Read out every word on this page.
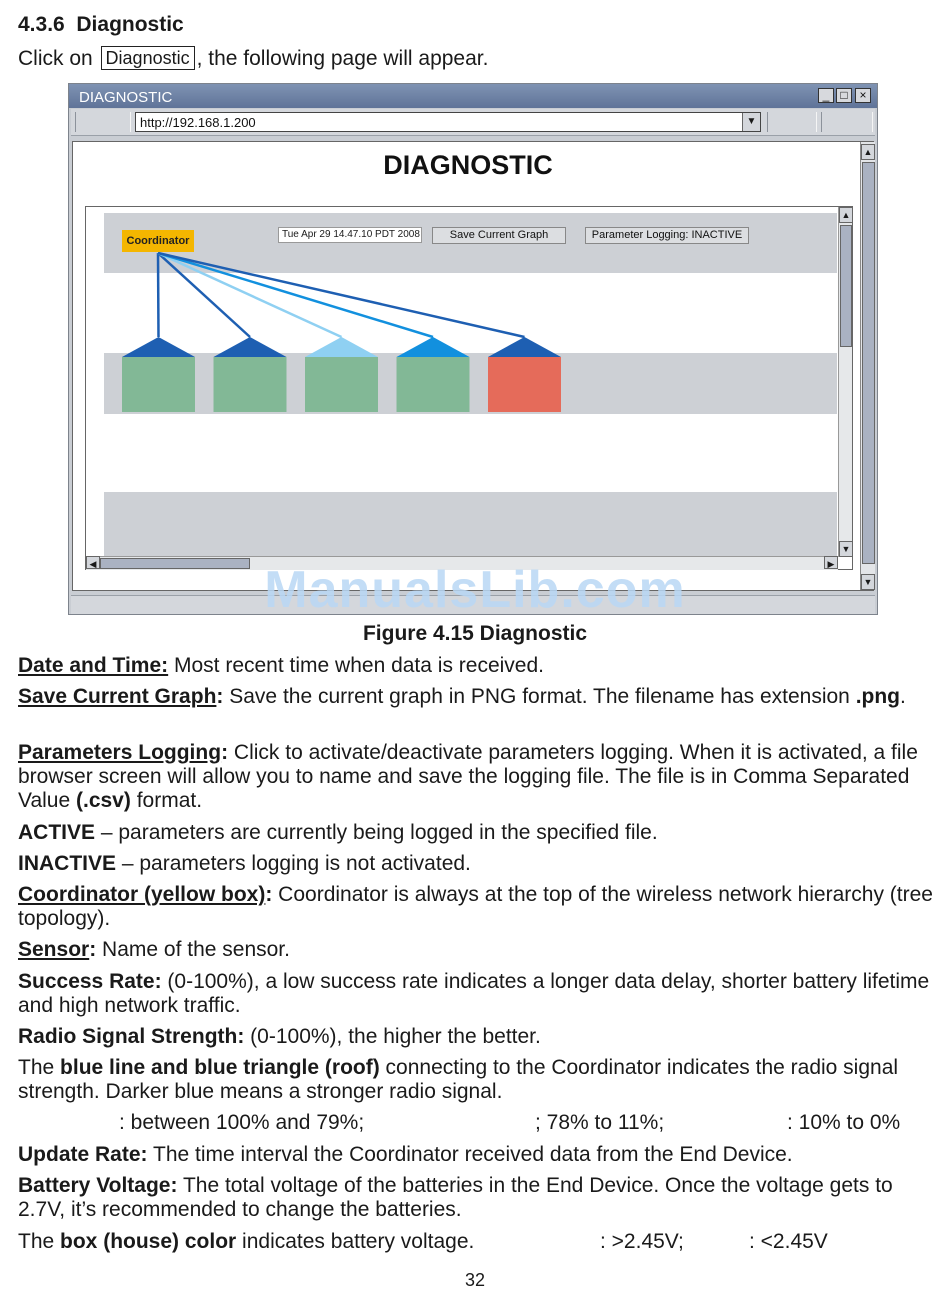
4.3.6 Diagnostic
Click on Diagnostic , the following page will appear.
DIAGNOSTIC	_ □ ×
http://192.168.1.200	▼
DIAGNOSTIC
Coordinator
Tue Apr 29 14.47.10 PDT 2008	Save Current Graph	Parameter Logging: INACTIVE
▲
▼
◀	▶
▲
▼
ManualsLib.com
Figure 4.15 Diagnostic
Date and Time: Most recent time when data is received.
Save Current Graph: Save the current graph in PNG format. The filename has extension .png.
Parameters Logging: Click to activate/deactivate parameters logging. When it is activated, a file browser screen will allow you to name and save the logging file. The file is in Comma Separated Value (.csv) format.
ACTIVE – parameters are currently being logged in the specified file.
INACTIVE – parameters logging is not activated.
Coordinator (yellow box): Coordinator is always at the top of the wireless network hierarchy (tree topology).
Sensor: Name of the sensor.
Success Rate: (0-100%), a low success rate indicates a longer data delay, shorter battery lifetime and high network traffic.
Radio Signal Strength: (0-100%), the higher the better.
The blue line and blue triangle (roof) connecting to the Coordinator indicates the radio signal strength. Darker blue means a stronger radio signal.
: between 100% and 79%;	; 78% to 11%;	: 10% to 0%
Update Rate: The time interval the Coordinator received data from the End Device.
Battery Voltage: The total voltage of the batteries in the End Device. Once the voltage gets to 2.7V, it’s recommended to change the batteries.
The box (house) color indicates battery voltage.	: >2.45V;	: <2.45V
32
